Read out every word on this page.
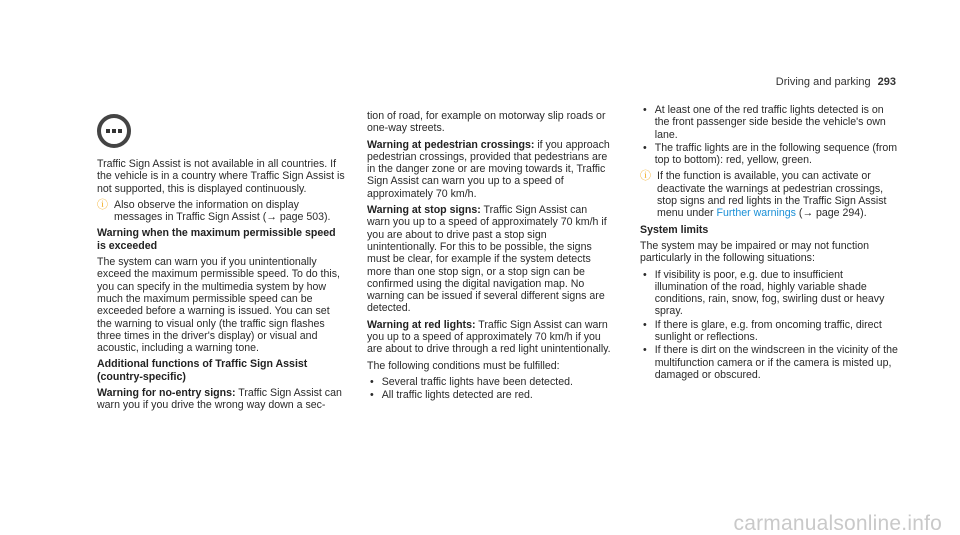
Driving and parking 293

Traffic Sign Assist is not available in all countries. If the vehicle is in a country where Traffic Sign Assist is not supported, this is displayed continuously.

ⓘ Also observe the information on display messages in Traffic Sign Assist (→ page 503).

Warning when the maximum permissible speed is exceeded

The system can warn you if you unintentionally exceed the maximum permissible speed. To do this, you can specify in the multimedia system by how much the maximum permissible speed can be exceeded before a warning is issued. You can set the warning to visual only (the traffic sign flashes three times in the driver's display) or visual and acoustic, including a warning tone.

Additional functions of Traffic Sign Assist (country-specific)

Warning for no-entry signs: Traffic Sign Assist can warn you if you drive the wrong way down a sec-

tion of road, for example on motorway slip roads or one-way streets.

Warning at pedestrian crossings: if you approach pedestrian crossings, provided that pedestrians are in the danger zone or are moving towards it, Traffic Sign Assist can warn you up to a speed of approximately 70 km/h.

Warning at stop signs: Traffic Sign Assist can warn you up to a speed of approximately 70 km/h if you are about to drive past a stop sign unintentionally. For this to be possible, the signs must be clear, for example if the system detects more than one stop sign, or a stop sign can be confirmed using the digital navigation map. No warning can be issued if several different signs are detected.

Warning at red lights: Traffic Sign Assist can warn you up to a speed of approximately 70 km/h if you are about to drive through a red light unintentionally.

The following conditions must be fulfilled:

• Several traffic lights have been detected.
• All traffic lights detected are red.
• At least one of the red traffic lights detected is on the front passenger side beside the vehicle's own lane.
• The traffic lights are in the following sequence (from top to bottom): red, yellow, green.
ⓘ If the function is available, you can activate or deactivate the warnings at pedestrian crossings, stop signs and red lights in the Traffic Sign Assist menu under Further warnings (→ page 294).

System limits

The system may be impaired or may not function particularly in the following situations:

• If visibility is poor, e.g. due to insufficient illumination of the road, highly variable shade conditions, rain, snow, fog, swirling dust or heavy spray.
• If there is glare, e.g. from oncoming traffic, direct sunlight or reflections.
• If there is dirt on the windscreen in the vicinity of the multifunction camera or if the camera is misted up, damaged or obscured.
carmanualsonline.info
